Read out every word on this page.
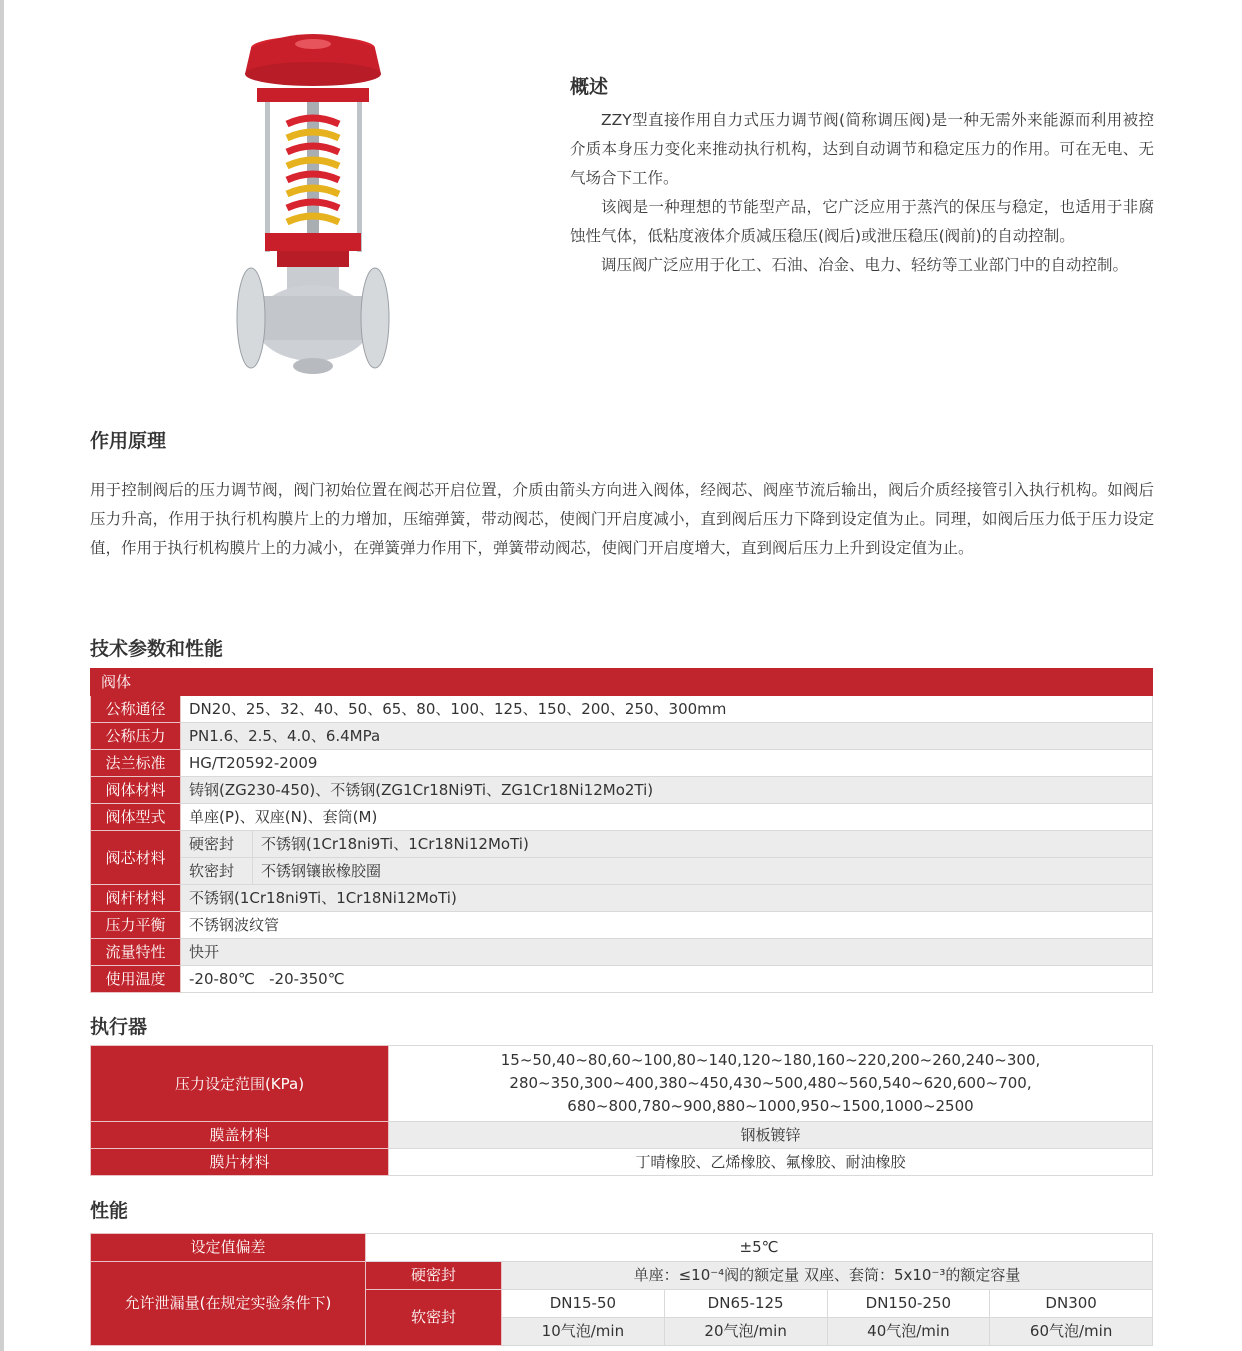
概述

ZZY型直接作用自力式压力调节阀(简称调压阀)是一种无需外来能源而利用被控介质本身压力变化来推动执行机构，达到自动调节和稳定压力的作用。可在无电、无气场合下工作。

该阀是一种理想的节能型产品，它广泛应用于蒸汽的保压与稳定，也适用于非腐蚀性气体，低粘度液体介质减压稳压(阀后)或泄压稳压(阀前)的自动控制。

调压阀广泛应用于化工、石油、冶金、电力、轻纺等工业部门中的自动控制。

作用原理

用于控制阀后的压力调节阀，阀门初始位置在阀芯开启位置，介质由箭头方向进入阀体，经阀芯、阀座节流后输出，阀后介质经接管引入执行机构。如阀后压力升高，作用于执行机构膜片上的力增加，压缩弹簧，带动阀芯，使阀门开启度减小，直到阀后压力下降到设定值为止。同理，如阀后压力低于压力设定值，作用于执行机构膜片上的力减小，在弹簧弹力作用下，弹簧带动阀芯，使阀门开启度增大，直到阀后压力上升到设定值为止。

技术参数和性能
阀体		
公称通径	DN20、25、32、40、50、65、80、100、125、150、200、250、300mm	
公称压力	PN1.6、2.5、4.0、6.4MPa	
法兰标准	HG/T20592-2009	
阀体材料	铸钢(ZG230-450)、不锈钢(ZG1Cr18Ni9Ti、ZG1Cr18Ni12Mo2Ti)	
阀体型式	单座(P)、双座(N)、套筒(M)	
阀芯材料	硬密封	不锈钢(1Cr18ni9Ti、1Cr18Ni12MoTi)
	软密封	不锈钢镶嵌橡胶圈
阀杆材料	不锈钢(1Cr18ni9Ti、1Cr18Ni12MoTi)	
压力平衡	不锈钢波纹管	
流量特性	快开	
使用温度	-20-80℃   -20-350℃	
执行器
压力设定范围(KPa)	15~50,40~80,60~100,80~140,120~180,160~220,200~260,240~300,
280~350,300~400,380~450,430~500,480~560,540~620,600~700,
680~800,780~900,880~1000,950~1500,1000~2500

膜盖材料	钢板镀锌
膜片材料	丁晴橡胶、乙烯橡胶、氟橡胶、耐油橡胶
性能
设定值偏差	±5℃				
允许泄漏量(在规定实验条件下)	硬密封	单座：≤10⁻⁴阀的额定量 双座、套筒：5x10⁻³的额定容量			
	软密封	DN15-50	DN65-125	DN150-250	DN300
		10气泡/min	20气泡/min	40气泡/min	60气泡/min
